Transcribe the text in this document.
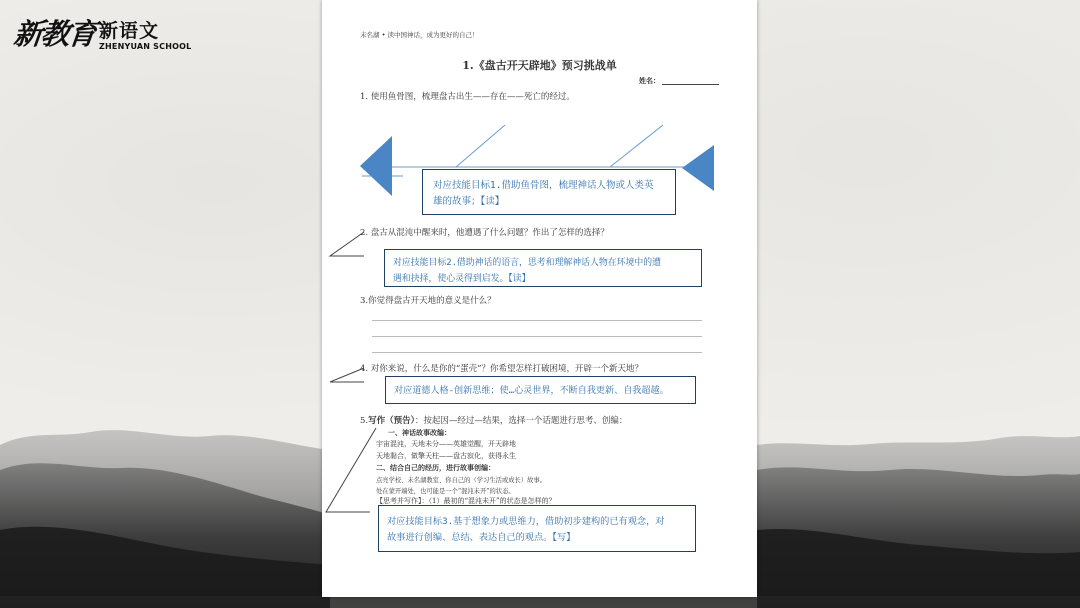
新教育 新语文
ZHENYUAN SCHOOL
未名湖 • 读中国神话，成为更好的自己！
1.《盘古开天辟地》预习挑战单
姓名：
1. 使用鱼骨图，梳理盘古出生——存在——死亡的经过。
2. 盘古从混沌中醒来时，他遭遇了什么问题？作出了怎样的选择？
3.你觉得盘古开天地的意义是什么？
4. 对你来说，什么是你的“蛋壳”？你希望怎样打破困境，开辟一个新天地？
5.写作（预告）：按起因—经过—结果，选择一个话题进行思考、创编：
一、神话故事改编：
宇宙混沌，天地未分——英雄觉醒，开天辟地
天地黏合，做擎天柱——盘古寂化，获得永生
二、结合自己的经历，进行故事创编：
点亮学校、未名湖教室、你自己的（学习生活或成长）故事。
处在蒙开端处，也可能是一个“混沌未开”的状态。
【思考并写作】：（1）最初的“混沌未开”的状态是怎样的？
对应技能目标1.借助鱼骨图，梳理神话人物或人类英
雄的故事；【读】
对应技能目标2.借助神话的语言，思考和理解神话人物在环境中的遭
遇和抉择，使心灵得到启发。【读】
对应道德人格-创新思维；使…心灵世界，不断自我更新、自我超越。
对应技能目标3.基于想象力或思维力，借助初步建构的已有观念，对
故事进行创编、总结、表达自己的观点。【写】
